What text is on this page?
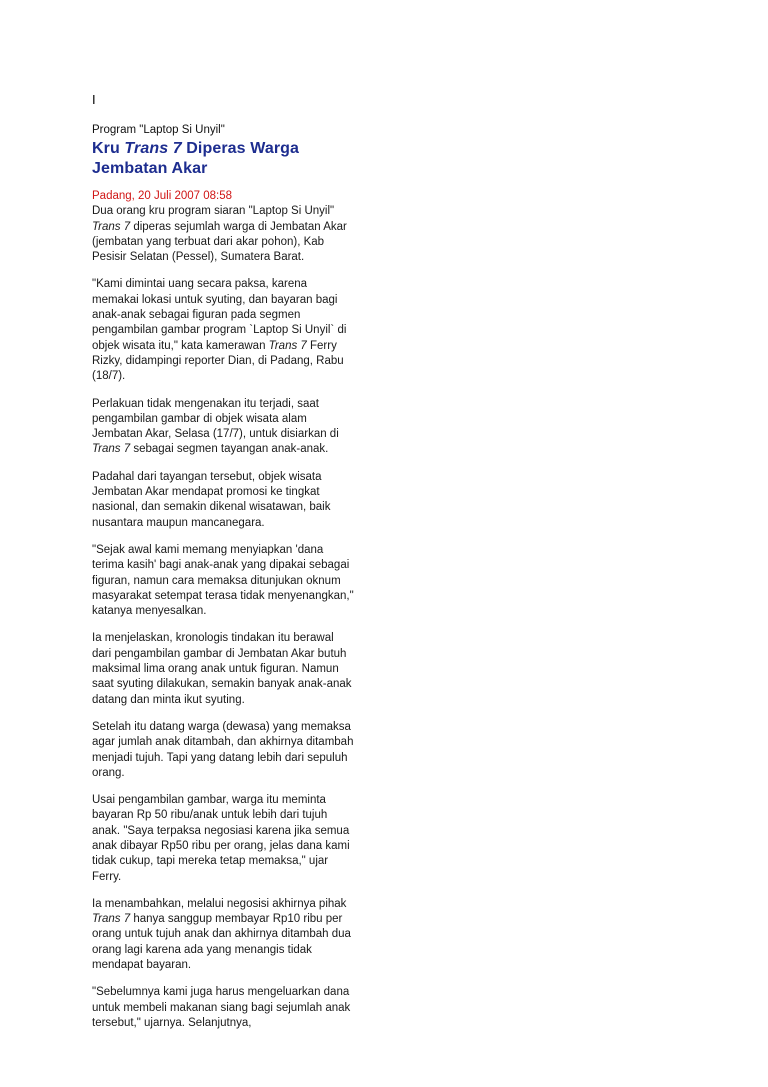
I
Program "Laptop Si Unyil"
Kru Trans 7 Diperas Warga Jembatan Akar
Padang, 20 Juli 2007 08:58

Dua orang kru program siaran "Laptop Si Unyil" Trans 7 diperas sejumlah warga di Jembatan Akar (jembatan yang terbuat dari akar pohon), Kab Pesisir Selatan (Pessel), Sumatera Barat.

"Kami dimintai uang secara paksa, karena memakai lokasi untuk syuting, dan bayaran bagi anak-anak sebagai figuran pada segmen pengambilan gambar program `Laptop Si Unyil` di objek wisata itu," kata kamerawan Trans 7 Ferry Rizky, didampingi reporter Dian, di Padang, Rabu (18/7).

Perlakuan tidak mengenakan itu terjadi, saat pengambilan gambar di objek wisata alam Jembatan Akar, Selasa (17/7), untuk disiarkan di Trans 7 sebagai segmen tayangan anak-anak.

Padahal dari tayangan tersebut, objek wisata Jembatan Akar mendapat promosi ke tingkat nasional, dan semakin dikenal wisatawan, baik nusantara maupun mancanegara.

"Sejak awal kami memang menyiapkan 'dana terima kasih' bagi anak-anak yang dipakai sebagai figuran, namun cara memaksa ditunjukan oknum masyarakat setempat terasa tidak menyenangkan," katanya menyesalkan.

Ia menjelaskan, kronologis tindakan itu berawal dari pengambilan gambar di Jembatan Akar butuh maksimal lima orang anak untuk figuran. Namun saat syuting dilakukan, semakin banyak anak-anak datang dan minta ikut syuting.

Setelah itu datang warga (dewasa) yang memaksa agar jumlah anak ditambah, dan akhirnya ditambah menjadi tujuh. Tapi yang datang lebih dari sepuluh orang.

Usai pengambilan gambar, warga itu meminta bayaran Rp 50 ribu/anak untuk lebih dari tujuh anak. "Saya terpaksa negosiasi karena jika semua anak dibayar Rp50 ribu per orang, jelas dana kami tidak cukup, tapi mereka tetap memaksa," ujar Ferry.

Ia menambahkan, melalui negosisi akhirnya pihak Trans 7 hanya sanggup membayar Rp10 ribu per orang untuk tujuh anak dan akhirnya ditambah dua orang lagi karena ada yang menangis tidak mendapat bayaran.

"Sebelumnya kami juga harus mengeluarkan dana untuk membeli makanan siang bagi sejumlah anak tersebut," ujarnya. Selanjutnya,
